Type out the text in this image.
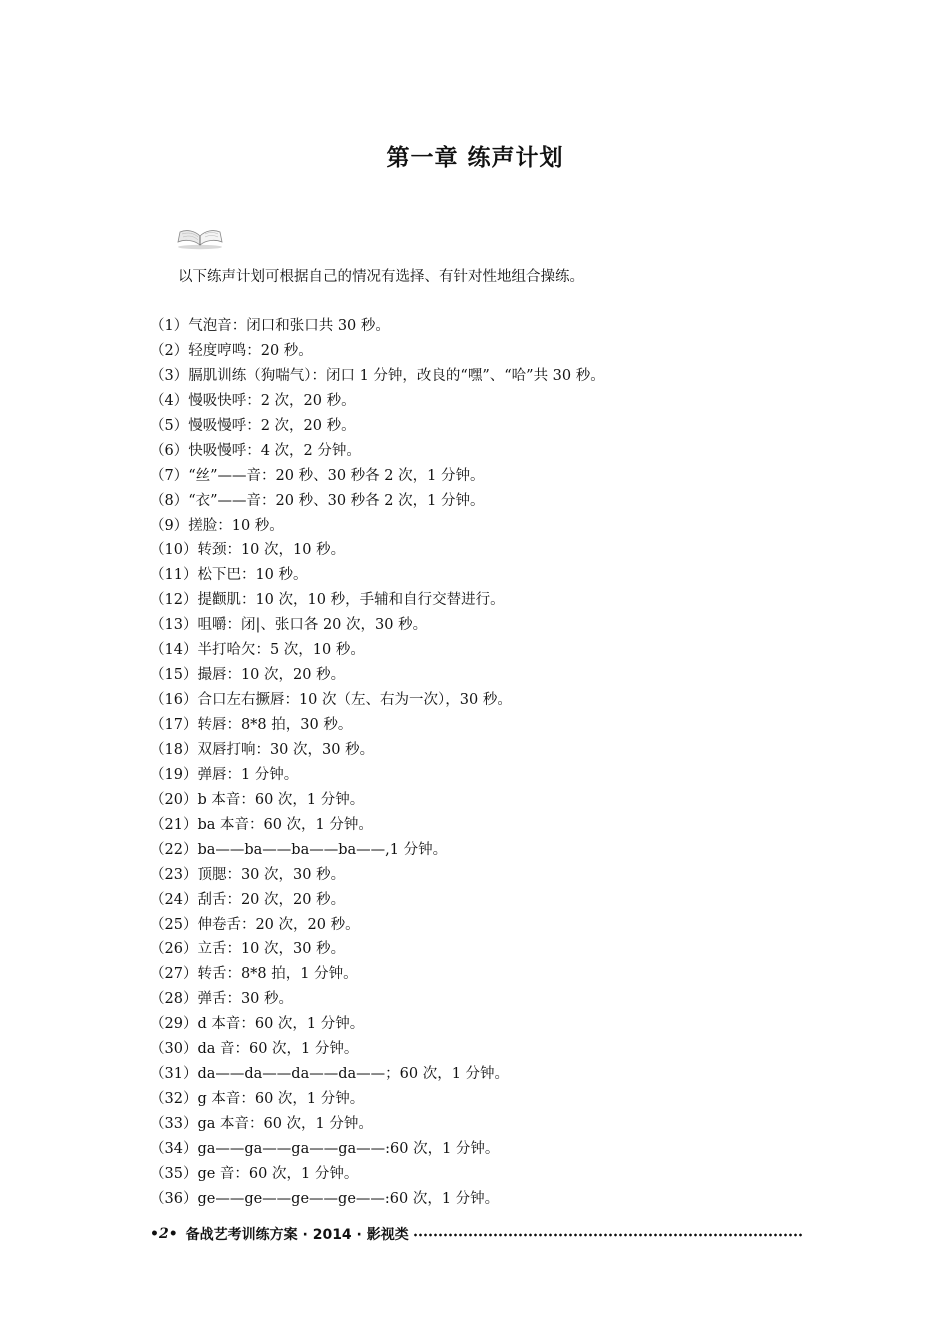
第一章 练声计划

以下练声计划可根据自己的情况有选择、有针对性地组合操练。

（1）气泡音：闭口和张口共 30 秒。
（2）轻度哼鸣：20 秒。
（3）膈肌训练（狗喘气）：闭口 1 分钟，改良的“嘿”、“哈”共 30 秒。
（4）慢吸快呼：2 次，20 秒。
（5）慢吸慢呼：2 次，20 秒。
（6）快吸慢呼：4 次，2 分钟。
（7）“丝”——音：20 秒、30 秒各 2 次，1 分钟。
（8）“衣”——音：20 秒、30 秒各 2 次，1 分钟。
（9）搓脸：10 秒。
（10）转颈：10 次，10 秒。
（11）松下巴：10 秒。
（12）提颧肌：10 次，10 秒，手辅和自行交替进行。
（13）咀嚼：闭|、张口各 20 次，30 秒。
（14）半打哈欠：5 次，10 秒。
（15）撮唇：10 次，20 秒。
（16）合口左右撅唇：10 次（左、右为一次），30 秒。
（17）转唇：8*8 拍，30 秒。
（18）双唇打响：30 次，30 秒。
（19）弹唇：1 分钟。
（20）b 本音：60 次，1 分钟。
（21）ba 本音：60 次，1 分钟。
（22）ba——ba——ba——ba——,1 分钟。
（23）顶腮：30 次，30 秒。
（24）刮舌：20 次，20 秒。
（25）伸卷舌：20 次，20 秒。
（26）立舌：10 次，30 秒。
（27）转舌：8*8 拍，1 分钟。
（28）弹舌：30 秒。
（29）d 本音：60 次，1 分钟。
（30）da 音：60 次，1 分钟。
（31）da——da——da——da——；60 次，1 分钟。
（32）g 本音：60 次，1 分钟。
（33）ga 本音：60 次，1 分钟。
（34）ga——ga——ga——ga——:60 次，1 分钟。
（35）ge 音：60 次，1 分钟。
（36）ge——ge——ge——ge——:60 次，1 分钟。
•2• 备战艺考训练方案 · 2014 · 影视类
